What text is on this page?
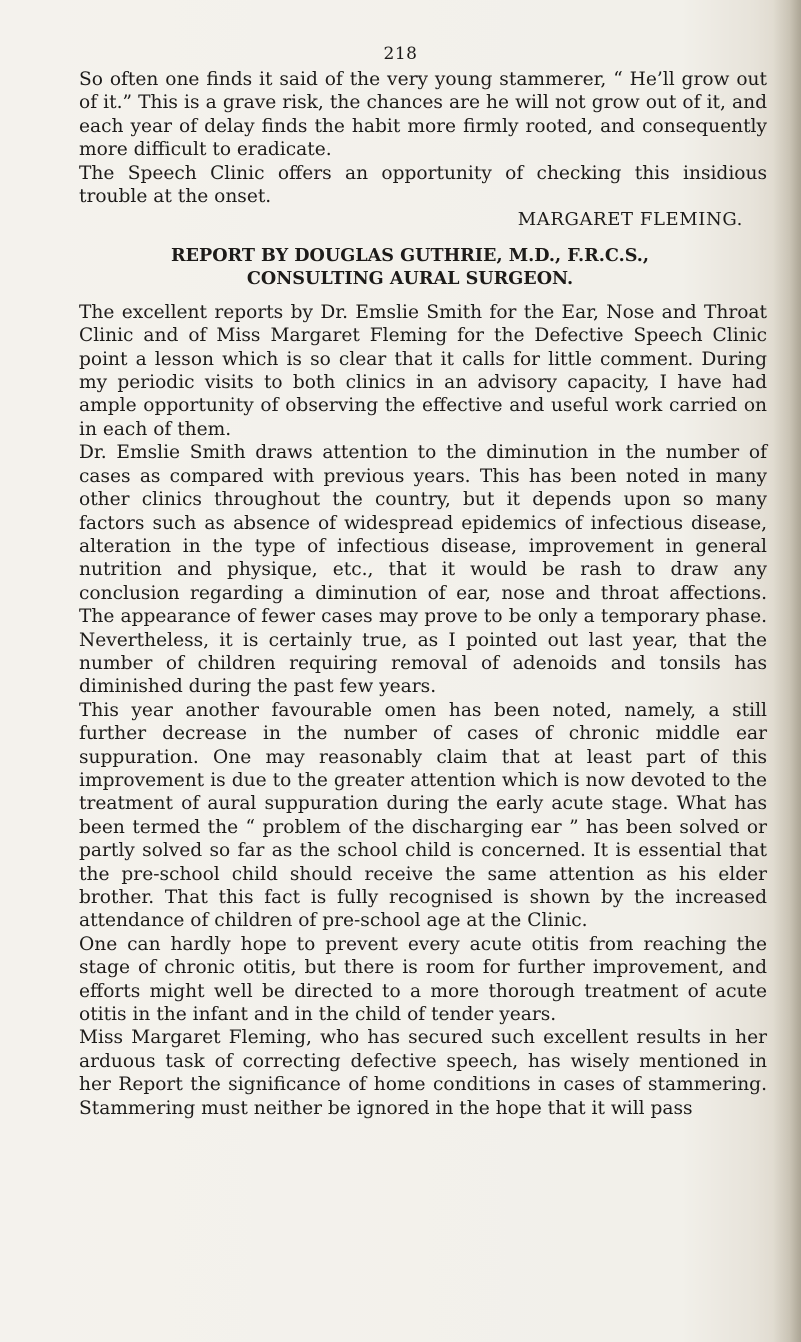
218

So often one finds it said of the very young stammerer, “ He’ll grow out of it.” This is a grave risk, the chances are he will not grow out of it, and each year of delay finds the habit more firmly rooted, and consequently more difficult to eradicate.

The Speech Clinic offers an opportunity of checking this insidious trouble at the onset.

MARGARET FLEMING.
REPORT BY DOUGLAS GUTHRIE, M.D., F.R.C.S.,
CONSULTING AURAL SURGEON.

The excellent reports by Dr. Emslie Smith for the Ear, Nose and Throat Clinic and of Miss Margaret Fleming for the Defective Speech Clinic point a lesson which is so clear that it calls for little comment. During my periodic visits to both clinics in an advisory capacity, I have had ample opportunity of observing the effective and useful work carried on in each of them.

Dr. Emslie Smith draws attention to the diminution in the number of cases as compared with previous years. This has been noted in many other clinics throughout the country, but it depends upon so many factors such as absence of widespread epidemics of infectious disease, alteration in the type of infectious disease, improvement in general nutrition and physique, etc., that it would be rash to draw any conclusion regarding a diminution of ear, nose and throat affections. The appearance of fewer cases may prove to be only a temporary phase. Nevertheless, it is certainly true, as I pointed out last year, that the number of children requiring removal of adenoids and tonsils has diminished during the past few years.

This year another favourable omen has been noted, namely, a still further decrease in the number of cases of chronic middle ear suppuration. One may reasonably claim that at least part of this improvement is due to the greater attention which is now devoted to the treatment of aural suppuration during the early acute stage. What has been termed the “ problem of the discharging ear ” has been solved or partly solved so far as the school child is concerned. It is essential that the pre-school child should receive the same attention as his elder brother. That this fact is fully recognised is shown by the increased attendance of children of pre-school age at the Clinic.

One can hardly hope to prevent every acute otitis from reaching the stage of chronic otitis, but there is room for further improvement, and efforts might well be directed to a more thorough treatment of acute otitis in the infant and in the child of tender years.

Miss Margaret Fleming, who has secured such excellent results in her arduous task of correcting defective speech, has wisely mentioned in her Report the significance of home conditions in cases of stammering. Stammering must neither be ignored in the hope that it will pass
